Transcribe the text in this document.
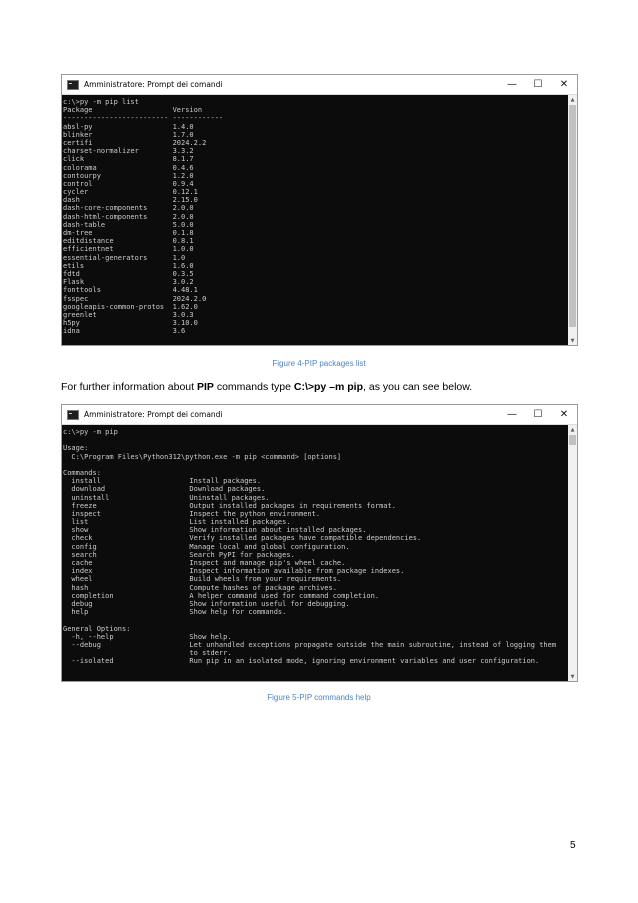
Amministratore: Prompt dei comandi	—	☐	✕
c:\>py -m pip list
Package                   Version
------------------------- ------------
absl-py                   1.4.0
blinker                   1.7.0
certifi                   2024.2.2
charset-normalizer        3.3.2
click                     8.1.7
colorama                  0.4.6
contourpy                 1.2.0
control                   0.9.4
cycler                    0.12.1
dash                      2.15.0
dash-core-components      2.0.0
dash-html-components      2.0.0
dash-table                5.0.0
dm-tree                   0.1.8
editdistance              0.8.1
efficientnet              1.0.0
essential-generators      1.0
etils                     1.6.0
fdtd                      0.3.5
Flask                     3.0.2
fonttools                 4.48.1
fsspec                    2024.2.0
googleapis-common-protos  1.62.0
greenlet                  3.0.3
h5py                      3.10.0
idna                      3.6
▲
▼
Figure 4-PIP packages list

For further information about PIP commands type C:\>py –m pip, as you can see below.

Amministratore: Prompt dei comandi	—	☐	✕
c:\>py -m pip
Usage:
C:\Program Files\Python312\python.exe -m pip <command> [options]
Commands:
install                     Install packages.
download                    Download packages.
uninstall                   Uninstall packages.
freeze                      Output installed packages in requirements format.
inspect                     Inspect the python environment.
list                        List installed packages.
show                        Show information about installed packages.
check                       Verify installed packages have compatible dependencies.
config                      Manage local and global configuration.
search                      Search PyPI for packages.
cache                       Inspect and manage pip's wheel cache.
index                       Inspect information available from package indexes.
wheel                       Build wheels from your requirements.
hash                        Compute hashes of package archives.
completion                  A helper command used for command completion.
debug                       Show information useful for debugging.
help                        Show help for commands.
General Options:
-h, --help                  Show help.
--debug                     Let unhandled exceptions propagate outside the main subroutine, instead of logging them
to stderr.
--isolated                  Run pip in an isolated mode, ignoring environment variables and user configuration.
▲
▼
Figure 5-PIP commands help
5
